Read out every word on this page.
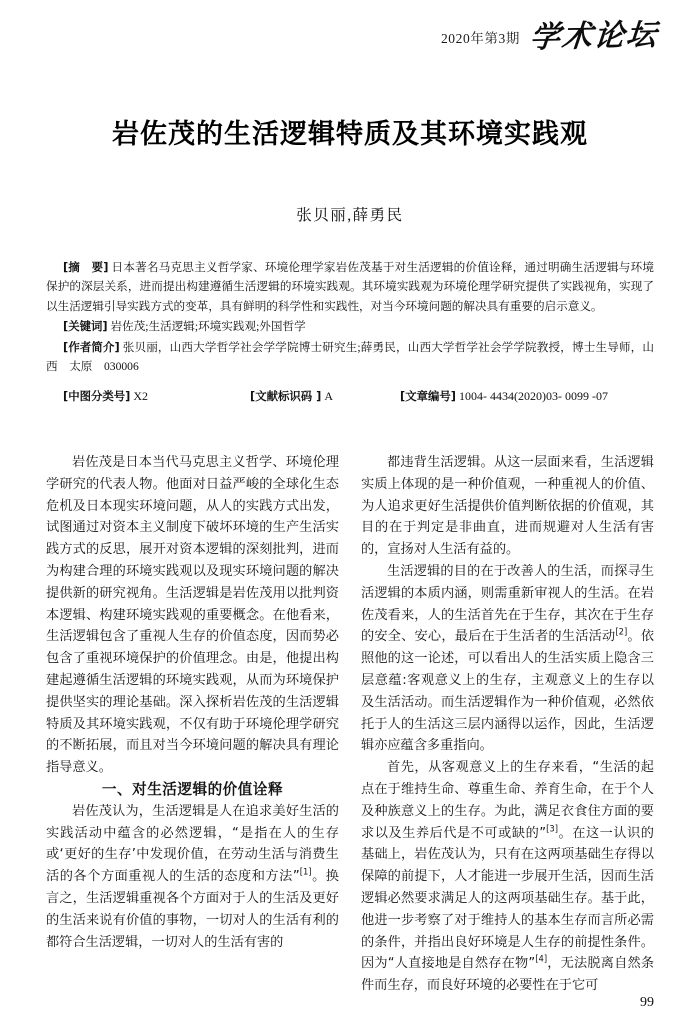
2020年第3期 学术论坛
岩佐茂的生活逻辑特质及其环境实践观
张贝丽,薛勇民
[摘　要] 日本著名马克思主义哲学家、环境伦理学家岩佐茂基于对生活逻辑的价值诠释，通过明确生活逻辑与环境保护的深层关系，进而提出构建遵循生活逻辑的环境实践观。其环境实践观为环境伦理学研究提供了实践视角，实现了以生活逻辑引导实践方式的变革，具有鲜明的科学性和实践性，对当今环境问题的解决具有重要的启示意义。
[关键词] 岩佐茂;生活逻辑;环境实践观;外国哲学
[作者简介] 张贝丽，山西大学哲学社会学学院博士研究生;薛勇民，山西大学哲学社会学学院教授，博士生导师，山西　太原　030006
[中图分类号] X2	[文献标识码 ] A	[文章编号] 1004- 4434(2020)03- 0099 -07

岩佐茂是日本当代马克思主义哲学、环境伦理学研究的代表人物。他面对日益严峻的全球化生态危机及日本现实环境问题，从人的实践方式出发，试图通过对资本主义制度下破坏环境的生产生活实践方式的反思，展开对资本逻辑的深刻批判，进而为构建合理的环境实践观以及现实环境问题的解决提供新的研究视角。生活逻辑是岩佐茂用以批判资本逻辑、构建环境实践观的重要概念。在他看来，生活逻辑包含了重视人生存的价值态度，因而势必包含了重视环境保护的价值理念。由是，他提出构建起遵循生活逻辑的环境实践观，从而为环境保护提供坚实的理论基础。深入探析岩佐茂的生活逻辑特质及其环境实践观，不仅有助于环境伦理学研究的不断拓展，而且对当今环境问题的解决具有理论指导意义。

一、对生活逻辑的价值诠释

岩佐茂认为，生活逻辑是人在追求美好生活的实践活动中蕴含的必然逻辑，“是指在人的生存或‘更好的生存’中发现价值，在劳动生活与消费生活的各个方面重视人的生活的态度和方法”[1]。换言之，生活逻辑重视各个方面对于人的生活及更好的生活来说有价值的事物，一切对人的生活有利的都符合生活逻辑，一切对人的生活有害的

都违背生活逻辑。从这一层面来看，生活逻辑实质上体现的是一种价值观，一种重视人的价值、为人追求更好生活提供价值判断依据的价值观，其目的在于判定是非曲直，进而规避对人生活有害的，宣扬对人生活有益的。

生活逻辑的目的在于改善人的生活，而探寻生活逻辑的本质内涵，则需重新审视人的生活。在岩佐茂看来，人的生活首先在于生存，其次在于生存的安全、安心，最后在于生活者的生活活动[2]。依照他的这一论述，可以看出人的生活实质上隐含三层意蕴:客观意义上的生存，主观意义上的生存以及生活活动。而生活逻辑作为一种价值观，必然依托于人的生活这三层内涵得以运作，因此，生活逻辑亦应蕴含多重指向。

首先，从客观意义上的生存来看，“生活的起点在于维持生命、尊重生命、养育生命，在于个人及种族意义上的生存。为此，满足衣食住方面的要求以及生养后代是不可或缺的”[3]。在这一认识的基础上，岩佐茂认为，只有在这两项基础生存得以保障的前提下，人才能进一步展开生活，因而生活逻辑必然要求满足人的这两项基础生存。基于此，他进一步考察了对于维持人的基本生存而言所必需的条件，并指出良好环境是人生存的前提性条件。因为“人直接地是自然存在物”[4]，无法脱离自然条件而生存，而良好环境的必要性在于它可

99
